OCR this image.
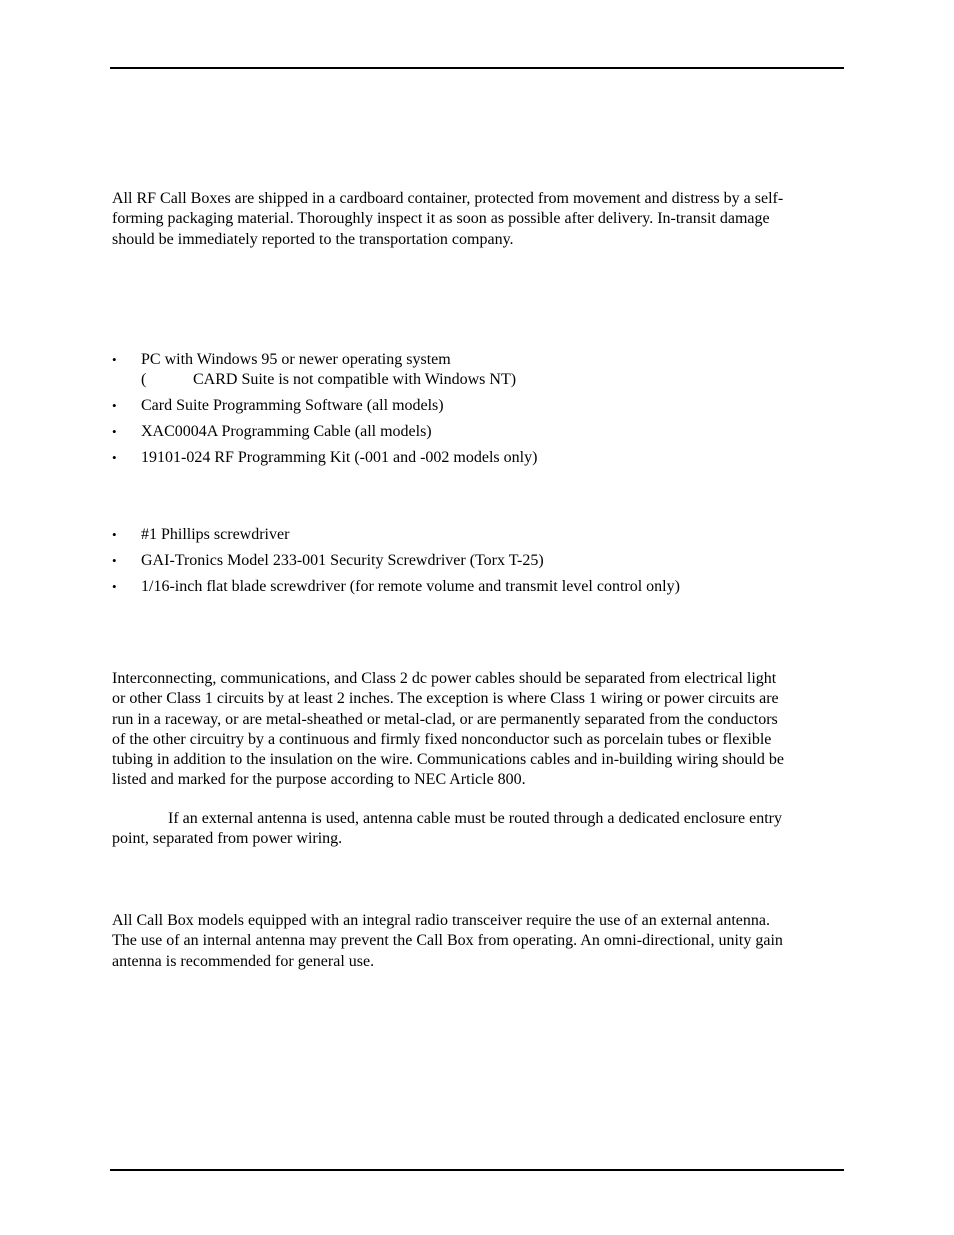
All RF Call Boxes are shipped in a cardboard container, protected from movement and distress by a self-
forming packaging material. Thoroughly inspect it as soon as possible after delivery. In-transit damage
should be immediately reported to the transportation company.

• PC with Windows 95 or newer operating system
(	CARD Suite is not compatible with Windows NT)
• Card Suite Programming Software (all models)
• XAC0004A Programming Cable (all models)
• 19101-024 RF Programming Kit (-001 and -002 models only)
• #1 Phillips screwdriver
• GAI-Tronics Model 233-001 Security Screwdriver (Torx T-25)
• 1/16-inch flat blade screwdriver (for remote volume and transmit level control only)

Interconnecting, communications, and Class 2 dc power cables should be separated from electrical light
or other Class 1 circuits by at least 2 inches. The exception is where Class 1 wiring or power circuits are
run in a raceway, or are metal-sheathed or metal-clad, or are permanently separated from the conductors
of the other circuitry by a continuous and firmly fixed nonconductor such as porcelain tubes or flexible
tubing in addition to the insulation on the wire. Communications cables and in-building wiring should be
listed and marked for the purpose according to NEC Article 800.

If an external antenna is used, antenna cable must be routed through a dedicated enclosure entry
point, separated from power wiring.

All Call Box models equipped with an integral radio transceiver require the use of an external antenna.
The use of an internal antenna may prevent the Call Box from operating. An omni-directional, unity gain
antenna is recommended for general use.
